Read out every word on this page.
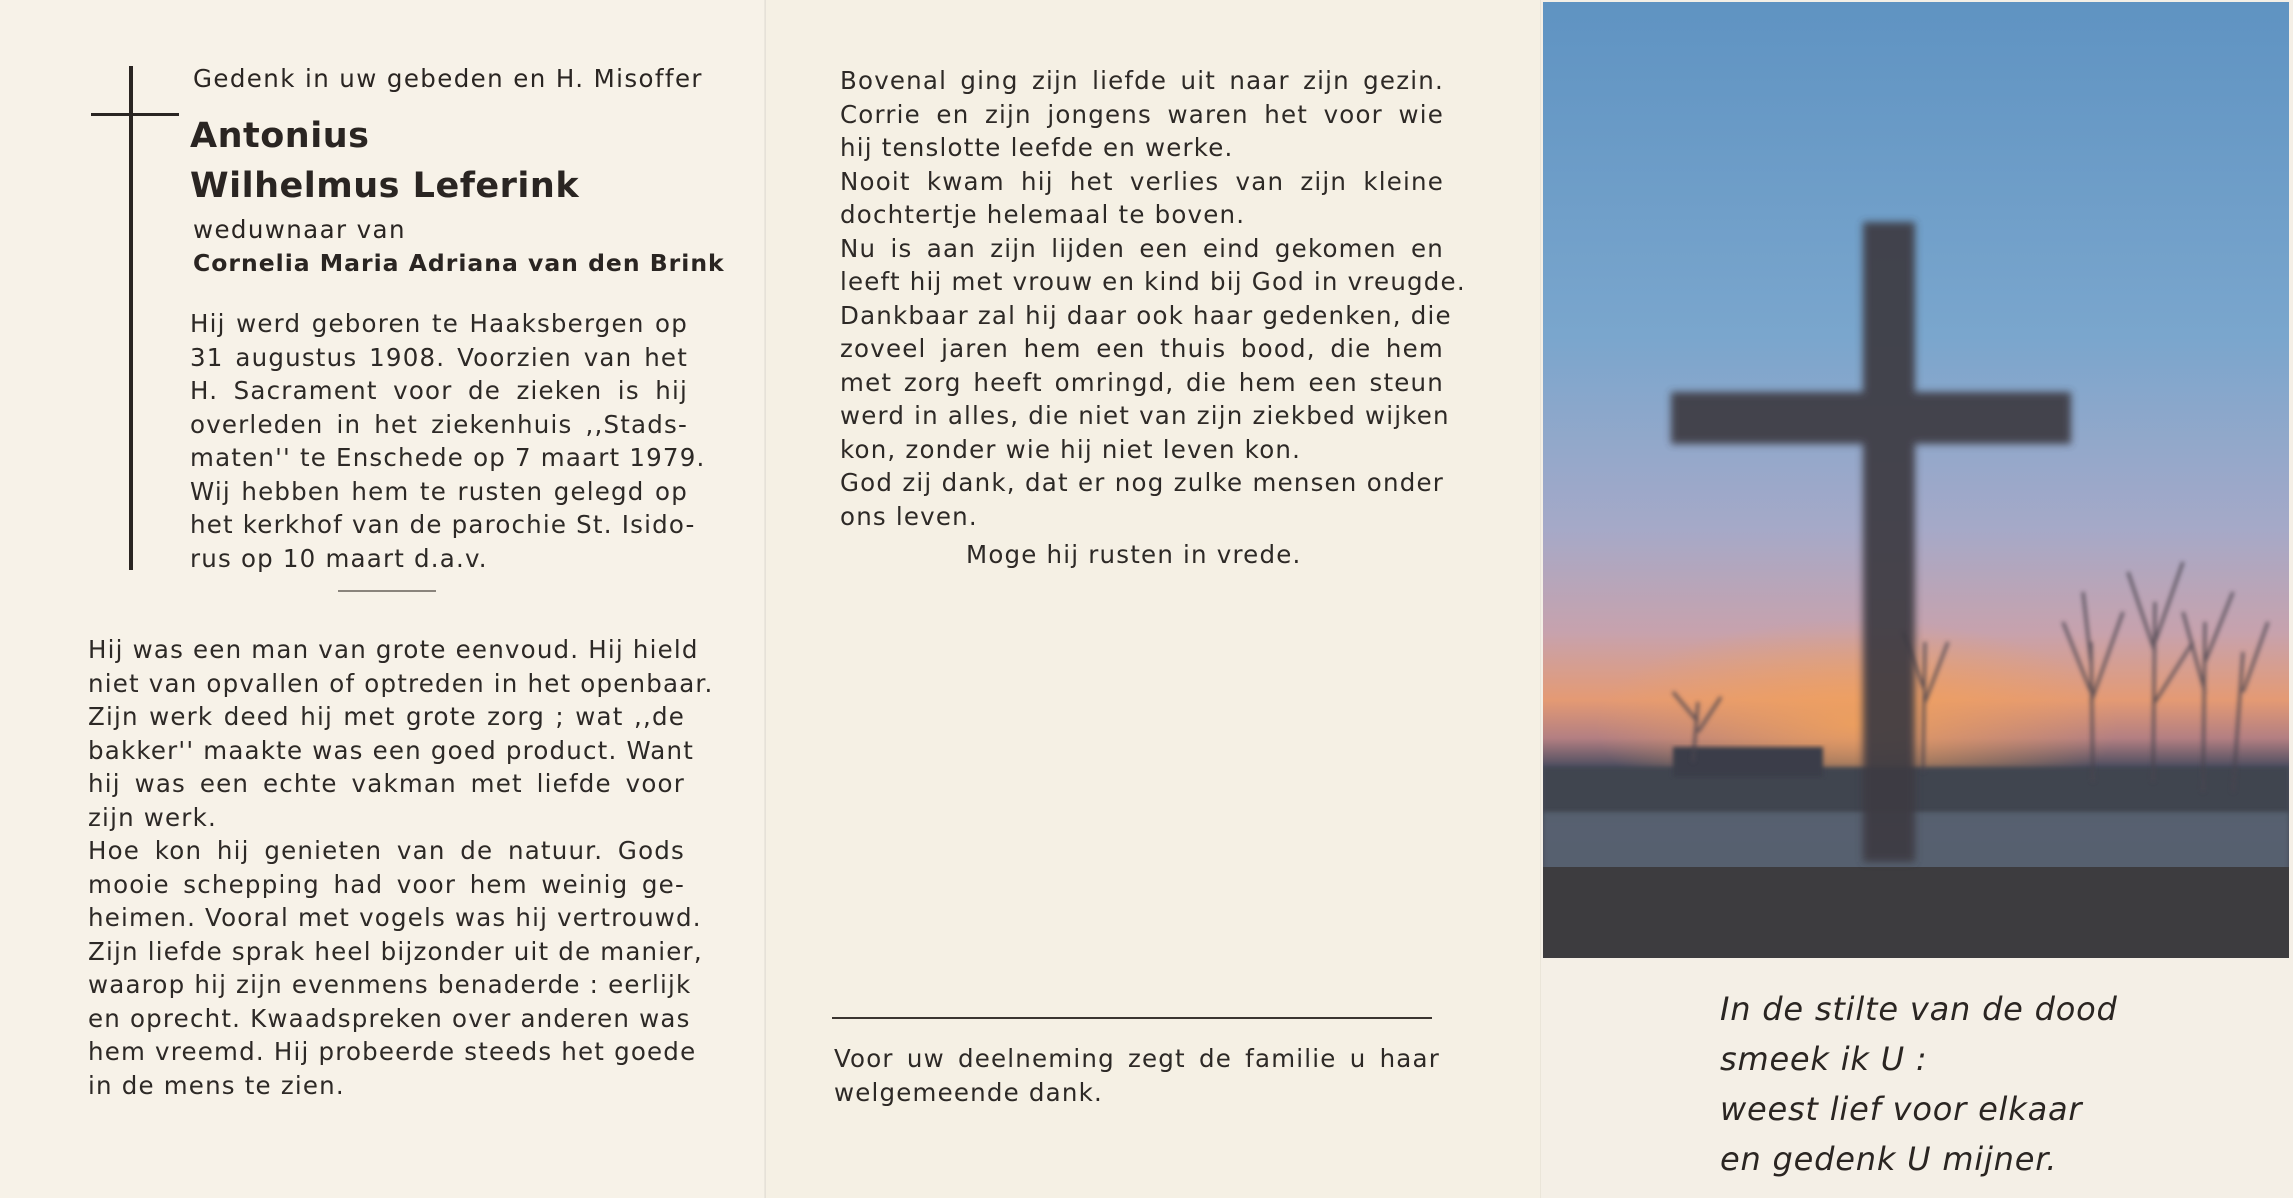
Gedenk in uw gebeden en H. Misoffer
Antonius
Wilhelmus Leferink
weduwnaar van
Cornelia Maria Adriana van den Brink
Hij werd geboren te Haaksbergen op
31 augustus 1908. Voorzien van het
H. Sacrament voor de zieken is hij
overleden in het ziekenhuis ,,Stads-
maten'' te Enschede op 7 maart 1979.
Wij hebben hem te rusten gelegd op
het kerkhof van de parochie St. Isido-
rus op 10 maart d.a.v.
Hij was een man van grote eenvoud. Hij hield
niet van opvallen of optreden in het openbaar.
Zijn werk deed hij met grote zorg ; wat ,,de
bakker'' maakte was een goed product. Want
hij was een echte vakman met liefde voor
zijn werk.
Hoe kon hij genieten van de natuur. Gods
mooie schepping had voor hem weinig ge-
heimen. Vooral met vogels was hij vertrouwd.
Zijn liefde sprak heel bijzonder uit de manier,
waarop hij zijn evenmens benaderde : eerlijk
en oprecht. Kwaadspreken over anderen was
hem vreemd. Hij probeerde steeds het goede
in de mens te zien.
Bovenal ging zijn liefde uit naar zijn gezin.
Corrie en zijn jongens waren het voor wie
hij tenslotte leefde en werke.
Nooit kwam hij het verlies van zijn kleine
dochtertje helemaal te boven.
Nu is aan zijn lijden een eind gekomen en
leeft hij met vrouw en kind bij God in vreugde.
Dankbaar zal hij daar ook haar gedenken, die
zoveel jaren hem een thuis bood, die hem
met zorg heeft omringd, die hem een steun
werd in alles, die niet van zijn ziekbed wijken
kon, zonder wie hij niet leven kon.
God zij dank, dat er nog zulke mensen onder
ons leven.
Moge hij rusten in vrede.
Voor uw deelneming zegt de familie u haar
welgemeende dank.
In de stilte van de dood
smeek ik U :
weest lief voor elkaar
en gedenk U mijner.
